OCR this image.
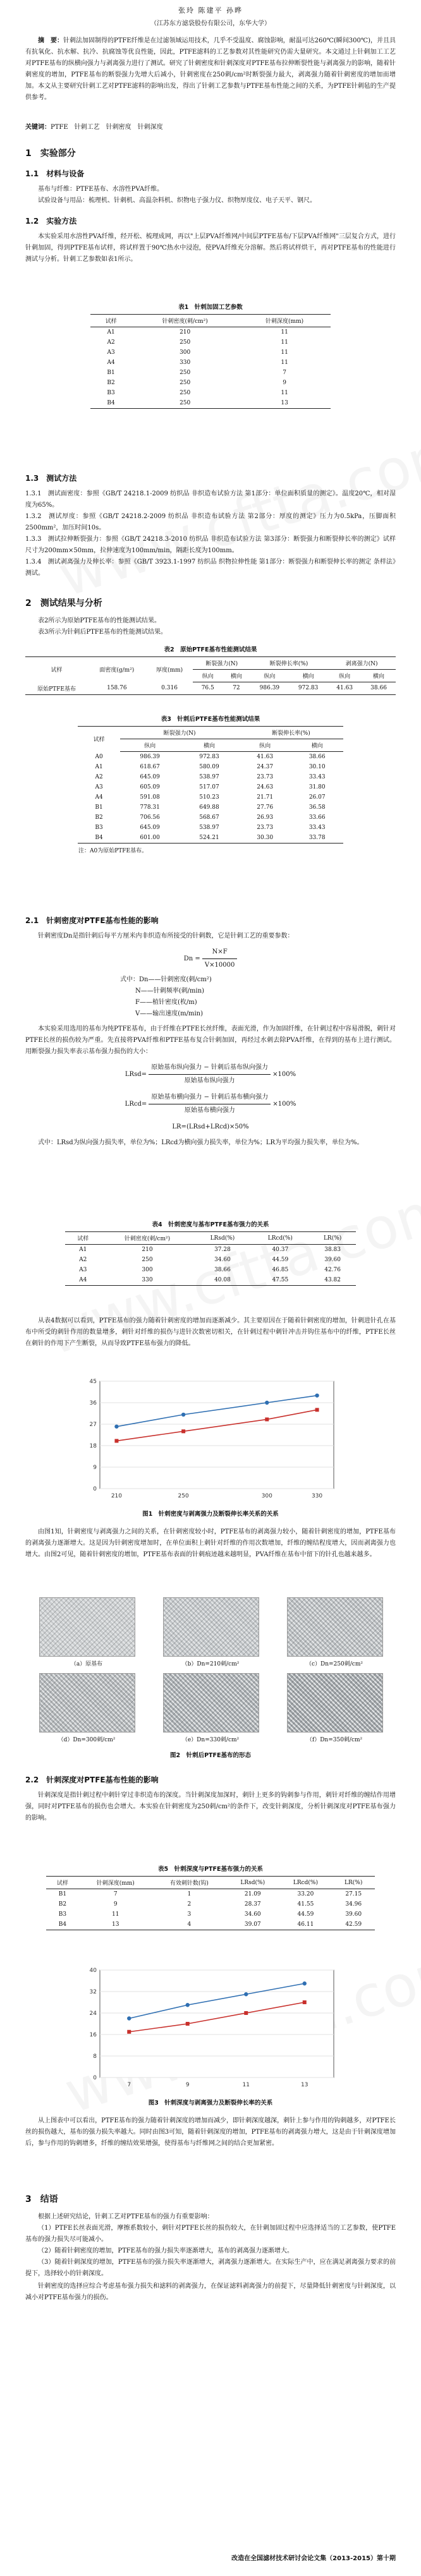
张玲 陈建平 孙晔
（江苏东方滤袋股份有限公司，东华大学）
摘　要：针刺法加固制得的PTFE纤维是在过滤领域运用技术，几乎不受温度、腐蚀影响，耐温可达260℃(瞬间300℃)，并且具有抗氧化、抗水解、抗冷、抗腐蚀等优良性能，因此，PTFE滤料的工艺参数对其性能研究仍需大量研究。本文通过上针刺加工工艺对PTFE基布的纵横向强力与剥离强力进行了测试。研究了针刺密度和针刺深度对PTFE基布拉伸断裂性能与剥离强力的影响，随着针刺密度的增加，PTFE基布的断裂强力先增大后减小，针刺密度在250刺/cm²时断裂强力最大，剥离强力随着针刺密度的增加而增加。本文从主要研究针刺工艺对PTFE滤料的影响出发，得出了针刺工艺参数与PTFE基布性能之间的关系，为PTFE针刺毡的生产提供参考。
关键词：PTFE　针刺工艺　针刺密度　针刺深度
1　实验部分
1.1　材料与设备

基布与纤维：PTFE基布、水溶性PVA纤维。

试验设备与用品：梳理机、针刺机、高温杂料机、织物电子强力仪、织物厚度仪、电子天平、钢尺。

1.2　实验方法

本实验采用水溶性PVA纤维，经开松、梳理成网，再以"上层PVA纤维网/中间层PTFE基布/下层PVA纤维网"三层复合方式，进行针刺加固，得到PTFE基布试样，将试样置于90℃热水中浸泡，使PVA纤维充分溶解。然后将试样烘干，再对PTFE基布的性能进行测试与分析。针刺工艺参数如表1所示。

表1　针刺加固工艺参数
试样	针刺密度(刺/cm²)	针刺深度(mm)
A1	210	11
A2	250	11
A3	300	11
A4	330	11
B1	250	7
B2	250	9
B3	250	11
B4	250	13
1.3　测试方法

1.3.1　测试面密度：参照《GB/T 24218.1-2009 纺织品 非织造布试验方法 第1部分：单位面积质量的测定》。温度20℃，相对湿度为65%。

1.3.2　测试厚度：参照《GB/T 24218.2-2009 纺织品 非织造布试验方法 第2部分：厚度的测定》压力为0.5kPa，压脚面积2500mm²，加压时间10s。

1.3.3　测试拉伸断裂强力：参照《GB/T 24218.3-2010 纺织品 非织造布试验方法 第3部分：断裂强力和断裂伸长率的测定》试样尺寸为200mm×50mm，拉伸速度为100mm/min，隔距长度为100mm。

1.3.4　测试剥离强力及伸长率：参照《GB/T 3923.1-1997 纺织品 织物拉伸性能 第1部分：断裂强力和断裂伸长率的测定 条样法》测试。

2　测试结果与分析

表2所示为原始PTFE基布的性能测试结果。

表3所示为针刺后PTFE基布的性能测试结果。

表2　原始PTFE基布性能测试结果
试样	面密度(g/m²)	厚度(mm)	断裂强力(N)		断裂伸长率(%)		剥离强力(N)	
			纵向	横向	纵向	横向	纵向	横向
原始PTFE基布	158.76	0.316	76.5	72	986.39	972.83	41.63	38.66
表3　针刺后PTFE基布性能测试结果
试样	断裂强力(N)		断裂伸长率(%)	
	纵向	横向	纵向	横向
A0	986.39	972.83	41.63	38.66
A1	618.67	580.09	24.37	30.10
A2	645.09	538.97	23.73	33.43
A3	605.09	517.07	24.63	31.80
A4	591.08	510.23	21.71	26.07
B1	778.31	649.88	27.76	36.58
B2	706.56	568.67	26.93	33.66
B3	645.09	538.97	23.73	33.43
B4	601.00	524.21	30.30	33.78
注：A0为原始PTFE基布。
2.1　针刺密度对PTFE基布性能的影响

针刺密度Dn是指针刺后每平方厘米内非织造布所接受的针刺数，它是针刺工艺的重要参数：

$Dn = \frac{N\times F}{V\times 10000}$
式中：Dn——针刺密度(刺/cm²)
N——针刺频率(刺/min)
F——植针密度(枚/m)
V——输出速度(m/min)

本实验采用选用的基布为纯PTFE基布，由于纤维在PTFE长丝纤维，表面光滑，作为加固纤维，在针刺过程中容易滑脱，刺针对PTFE长丝的损伤较为严重。先直接将PVA纤维和PTFE基布复合针刺加固，再经过水刺去除PVA纤维，在得到的基布上进行测试。用断裂强力损失率表示基布强力损伤的大小：

LRsd= $\frac{\text{原始基布纵向强力 − 针刺后基布纵向强力}}{\text{原始基布纵向强力}} \times 100\%$
LRcd= $\frac{\text{原始基布横向强力 − 针刺后基布横向强力}}{\text{原始基布横向强力}} \times 100\%$
LR=(LRsd+LRcd)×50%

式中：LRsd为纵向强力损失率，单位为%；LRcd为横向强力损失率，单位为%；LR为平均强力损失率，单位为%。

表4　针刺密度与基布PTFE基布强力的关系
试样	针刺密度(刺/cm²)	LRsd(%)	LRcd(%)	LR(%)
A1	210	37.28	40.37	38.83
A2	250	34.60	44.59	39.60
A3	300	38.66	46.85	42.76
A4	330	40.08	47.55	43.82

从表4数据可以看到，PTFE基布的强力随着针刺密度的增加而逐渐减少。其主要原因在于随着针刺密度的增加，针刺进针孔在基布中所受的刺针作用的数量增多，刺针对纤维的损伤与进针次数密切相关，在针刺过程中刺针冲击并钩住基布中的纤维，PTFE长丝在刺针的作用下产生断裂，从而导致PTFE基布强力的降低。

0
9
18
27
36
45
210	250	300	330
图1　针刺密度与剥离强力及断裂伸长率关系的关系

由图1知，针刺密度与剥离强力之间的关系，在针刺密度较小时，PTFE基布的剥离强力较小，随着针刺密度的增加，PTFE基布的剥离强力逐渐增大。这是因为针刺密度增加时，在单位面积上刺针对纤维的作用次数增加，纤维的缠结程度增大，因而剥离强力也增大。由图2可见，随着针刺密度的增加，PTFE基布表面的针刺痕迹越来越明显，PVA纤维在基布中留下的针孔也越来越多。

（a）原基布	（b）Dn=210刺/cm²	（c）Dn=250刺/cm²
（d）Dn=300刺/cm²	（e）Dn=330刺/cm²	（f）Dn=350刺/cm²
图2　针刺后PTFE基布的形态
2.2　针刺深度对PTFE基布性能的影响

针刺深度是指针刺过程中刺针穿过非织造布的深度。当针刺深度加深时，刺针上更多的钩刺参与作用，刺针对纤维的缠结作用增强，同时对PTFE基布的损伤也会增大。本实验在针刺密度为250刺/cm²的条件下，改变针刺深度，分析针刺深度对PTFE基布强力的影响。

表5　针刺深度与PTFE基布强力的关系
试样	针刺深度(mm)	有效刺针数(钩)	LRsd(%)	LRcd(%)	LR(%)
B1	7	1	21.09	33.20	27.15
B2	9	2	28.37	41.55	34.96
B3	11	3	34.60	44.59	39.60
B4	13	4	39.07	46.11	42.59
0
8
16
24
32
40
7	9	11	13
图3　针刺深度与剥离强力及断裂伸长率的关系

从上图表中可以看出，PTFE基布的强力随着针刺深度的增加而减少，即针刺深度越深，刺针上参与作用的钩刺越多，对PTFE长丝的损伤越大，基布的强力损失率越大。同时由图3可知，随着针刺深度的增加，PTFE基布的剥离强力增大，这是由于针刺深度增加后，参与作用的钩刺增多，纤维的缠结效果增强，使得基布与纤维网之间的结合更加紧密。

3　结语

根据上述研究结论，针刺工艺对PTFE基布的强力有重要影响：

（1）PTFE长丝表面光滑，摩擦系数较小，刺针对PTFE长丝的损伤较大，在针刺加固过程中应选择适当的工艺参数，使PTFE基布的强力损失尽可能减小。

（2）随着针刺密度的增加，PTFE基布的强力损失率逐渐增大，基布的剥离强力逐渐增大。

（3）随着针刺深度的增加，PTFE基布的强力损失率逐渐增大，剥离强力逐渐增大。在实际生产中，应在满足剥离强力要求的前提下，选择较小的针刺深度。

针刺密度的选择应综合考虑基布强力损失和滤料的剥离强力，在保证滤料剥离强力的前提下，尽量降低针刺密度与针刺深度，以减小对PTFE基布强力的损伤。

改造在全国滤材技术研讨会论文集（2013-2015）第十期
